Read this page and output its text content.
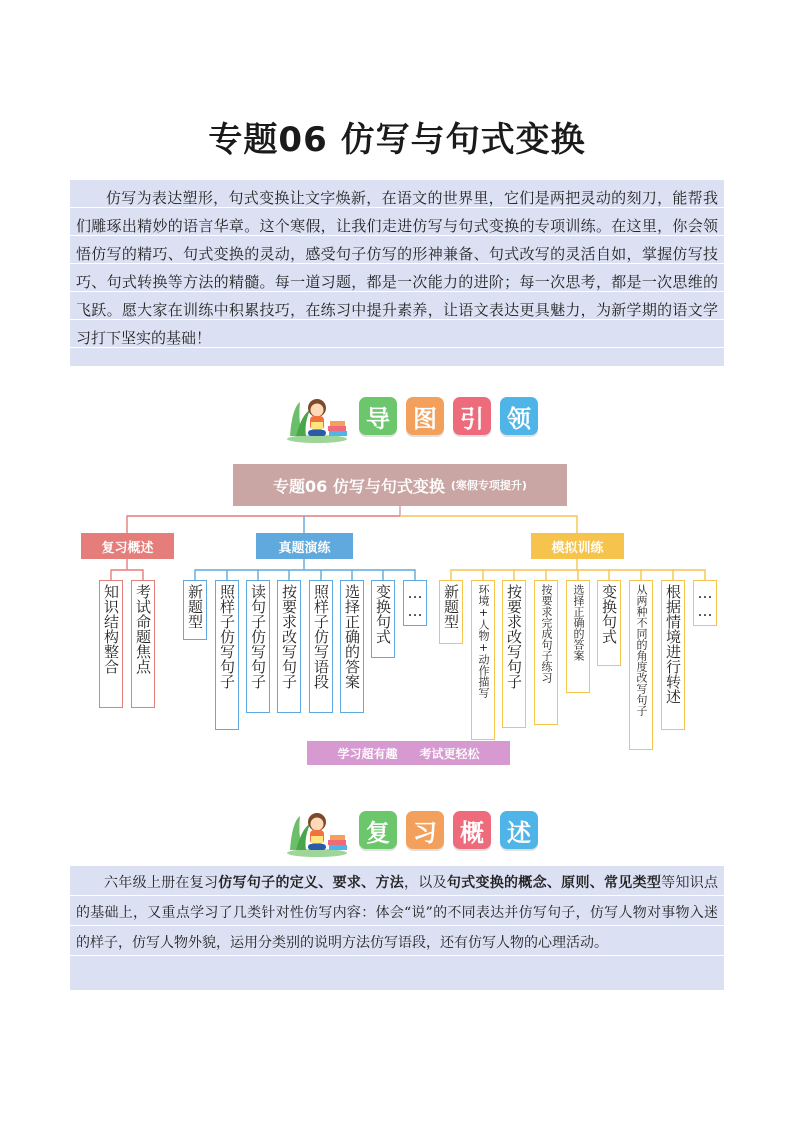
专题06 仿写与句式变换

仿写为表达塑形，句式变换让文字焕新，在语文的世界里，它们是两把灵动的刻刀，能帮我们雕琢出精妙的语言华章。这个寒假，让我们走进仿写与句式变换的专项训练。在这里，你会领悟仿写的精巧、句式变换的灵动，感受句子仿写的形神兼备、句式改写的灵活自如，掌握仿写技巧、句式转换等方法的精髓。每一道习题，都是一次能力的进阶；每一次思考，都是一次思维的飞跃。愿大家在训练中积累技巧，在练习中提升素养，让语文表达更具魅力，为新学期的语文学习打下坚实的基础！

导 图 引 领
专题06 仿写与句式变换 (寒假专项提升)
复习概述	真题演练	模拟训练
知识结构整合 考试命题焦点 新题型 照样子仿写句子 读句子仿写句子 按要求改写句子 照样子仿写语段 选择正确的答案 变换句式 …… 新题型	环境+人物+动作描写	按要求改写句子	按要求完成句子练习	选择正确的答案	变换句式	从两种不同的角度改写句子	根据情境进行转述 ……
学习超有趣 考试更轻松
复 习 概 述

六年级上册在复习仿写句子的定义、要求、方法，以及句式变换的概念、原则、常见类型等知识点的基础上，又重点学习了几类针对性仿写内容：体会“说”的不同表达并仿写句子，仿写人物对事物入迷的样子，仿写人物外貌，运用分类别的说明方法仿写语段，还有仿写人物的心理活动。
